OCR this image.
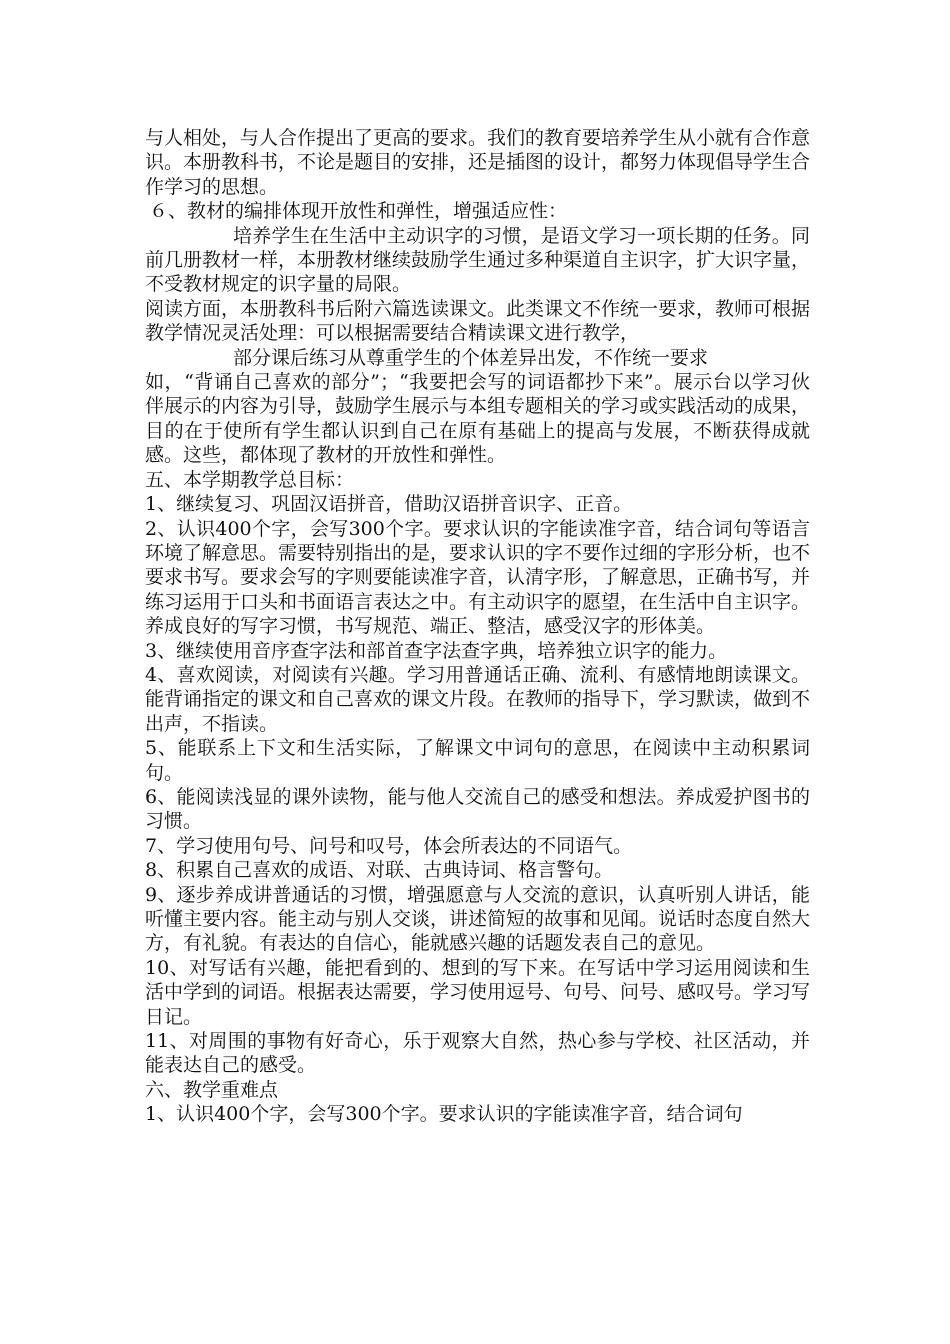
与人相处，与人合作提出了更高的要求。我们的教育要培养学生从小就有合作意识。本册教科书，不论是题目的安排，还是插图的设计，都努力体现倡导学生合作学习的思想。

６、教材的编排体现开放性和弹性，增强适应性：

培养学生在生活中主动识字的习惯，是语文学习一项长期的任务。同前几册教材一样，本册教材继续鼓励学生通过多种渠道自主识字，扩大识字量，不受教材规定的识字量的局限。

阅读方面，本册教科书后附六篇选读课文。此类课文不作统一要求，教师可根据教学情况灵活处理：可以根据需要结合精读课文进行教学，

部分课后练习从尊重学生的个体差异出发，不作统一要求

如，“背诵自己喜欢的部分”；“我要把会写的词语都抄下来”。展示台以学习伙伴展示的内容为引导，鼓励学生展示与本组专题相关的学习或实践活动的成果，目的在于使所有学生都认识到自己在原有基础上的提高与发展，不断获得成就感。这些，都体现了教材的开放性和弹性。

五、本学期教学总目标：

1、继续复习、巩固汉语拼音，借助汉语拼音识字、正音。

2、认识400个字，会写300个字。要求认识的字能读准字音，结合词句等语言环境了解意思。需要特别指出的是，要求认识的字不要作过细的字形分析，也不要求书写。要求会写的字则要能读准字音，认清字形，了解意思，正确书写，并练习运用于口头和书面语言表达之中。有主动识字的愿望，在生活中自主识字。养成良好的写字习惯，书写规范、端正、整洁，感受汉字的形体美。

3、继续使用音序查字法和部首查字法查字典，培养独立识字的能力。

4、喜欢阅读，对阅读有兴趣。学习用普通话正确、流利、有感情地朗读课文。能背诵指定的课文和自己喜欢的课文片段。在教师的指导下，学习默读，做到不出声，不指读。

5、能联系上下文和生活实际，了解课文中词句的意思，在阅读中主动积累词句。

6、能阅读浅显的课外读物，能与他人交流自己的感受和想法。养成爱护图书的习惯。

7、学习使用句号、问号和叹号，体会所表达的不同语气。

8、积累自己喜欢的成语、对联、古典诗词、格言警句。

9、逐步养成讲普通话的习惯，增强愿意与人交流的意识，认真听别人讲话，能听懂主要内容。能主动与别人交谈，讲述简短的故事和见闻。说话时态度自然大方，有礼貌。有表达的自信心，能就感兴趣的话题发表自己的意见。

10、对写话有兴趣，能把看到的、想到的写下来。在写话中学习运用阅读和生活中学到的词语。根据表达需要，学习使用逗号、句号、问号、感叹号。学习写日记。

11、对周围的事物有好奇心，乐于观察大自然，热心参与学校、社区活动，并能表达自己的感受。

六、教学重难点

1、认识400个字，会写300个字。要求认识的字能读准字音，结合词句
